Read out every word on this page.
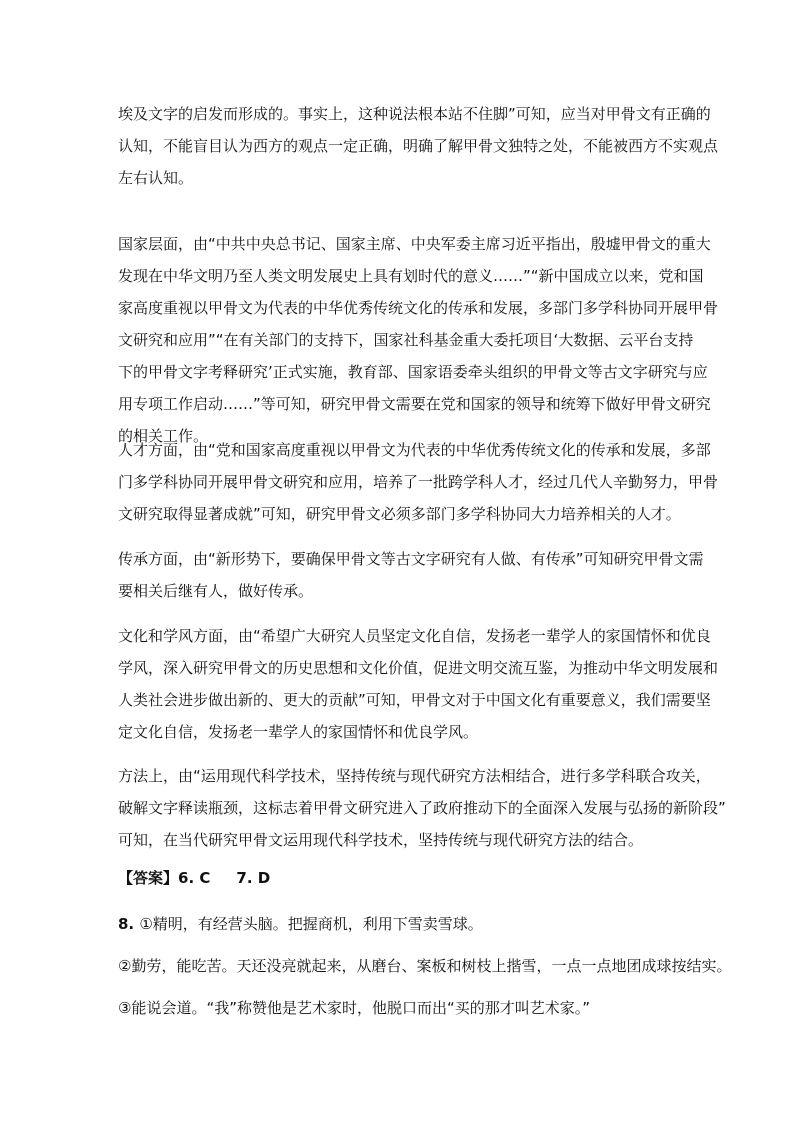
埃及文字的启发而形成的。事实上，这种说法根本站不住脚”可知，应当对甲骨文有正确的
认知，不能盲目认为西方的观点一定正确，明确了解甲骨文独特之处，不能被西方不实观点
左右认知。
国家层面，由“中共中央总书记、国家主席、中央军委主席习近平指出，殷墟甲骨文的重大
发现在中华文明乃至人类文明发展史上具有划时代的意义……”“新中国成立以来，党和国
家高度重视以甲骨文为代表的中华优秀传统文化的传承和发展，多部门多学科协同开展甲骨
文研究和应用”“在有关部门的支持下，国家社科基金重大委托项目‘大数据、云平台支持
下的甲骨文字考释研究’正式实施，教育部、国家语委牵头组织的甲骨文等古文字研究与应
用专项工作启动……”等可知，研究甲骨文需要在党和国家的领导和统筹下做好甲骨文研究
的相关工作。
人才方面，由“党和国家高度重视以甲骨文为代表的中华优秀传统文化的传承和发展，多部
门多学科协同开展甲骨文研究和应用，培养了一批跨学科人才，经过几代人辛勤努力，甲骨
文研究取得显著成就”可知，研究甲骨文必须多部门多学科协同大力培养相关的人才。
传承方面，由“新形势下，要确保甲骨文等古文字研究有人做、有传承”可知研究甲骨文需
要相关后继有人，做好传承。
文化和学风方面，由“希望广大研究人员坚定文化自信，发扬老一辈学人的家国情怀和优良
学风，深入研究甲骨文的历史思想和文化价值，促进文明交流互鉴，为推动中华文明发展和
人类社会进步做出新的、更大的贡献”可知，甲骨文对于中国文化有重要意义，我们需要坚
定文化自信，发扬老一辈学人的家国情怀和优良学风。
方法上，由“运用现代科学技术，坚持传统与现代研究方法相结合，进行多学科联合攻关，
破解文字释读瓶颈，这标志着甲骨文研究进入了政府推动下的全面深入发展与弘扬的新阶段”
可知，在当代研究甲骨文运用现代科学技术，坚持传统与现代研究方法的结合。
【答案】6. C 7. D
8. ①精明，有经营头脑。把握商机，利用下雪卖雪球。
②勤劳，能吃苦。天还没亮就起来，从磨台、案板和树枝上揩雪，一点一点地团成球按结实。
③能说会道。“我”称赞他是艺术家时，他脱口而出“买的那才叫艺术家。”
